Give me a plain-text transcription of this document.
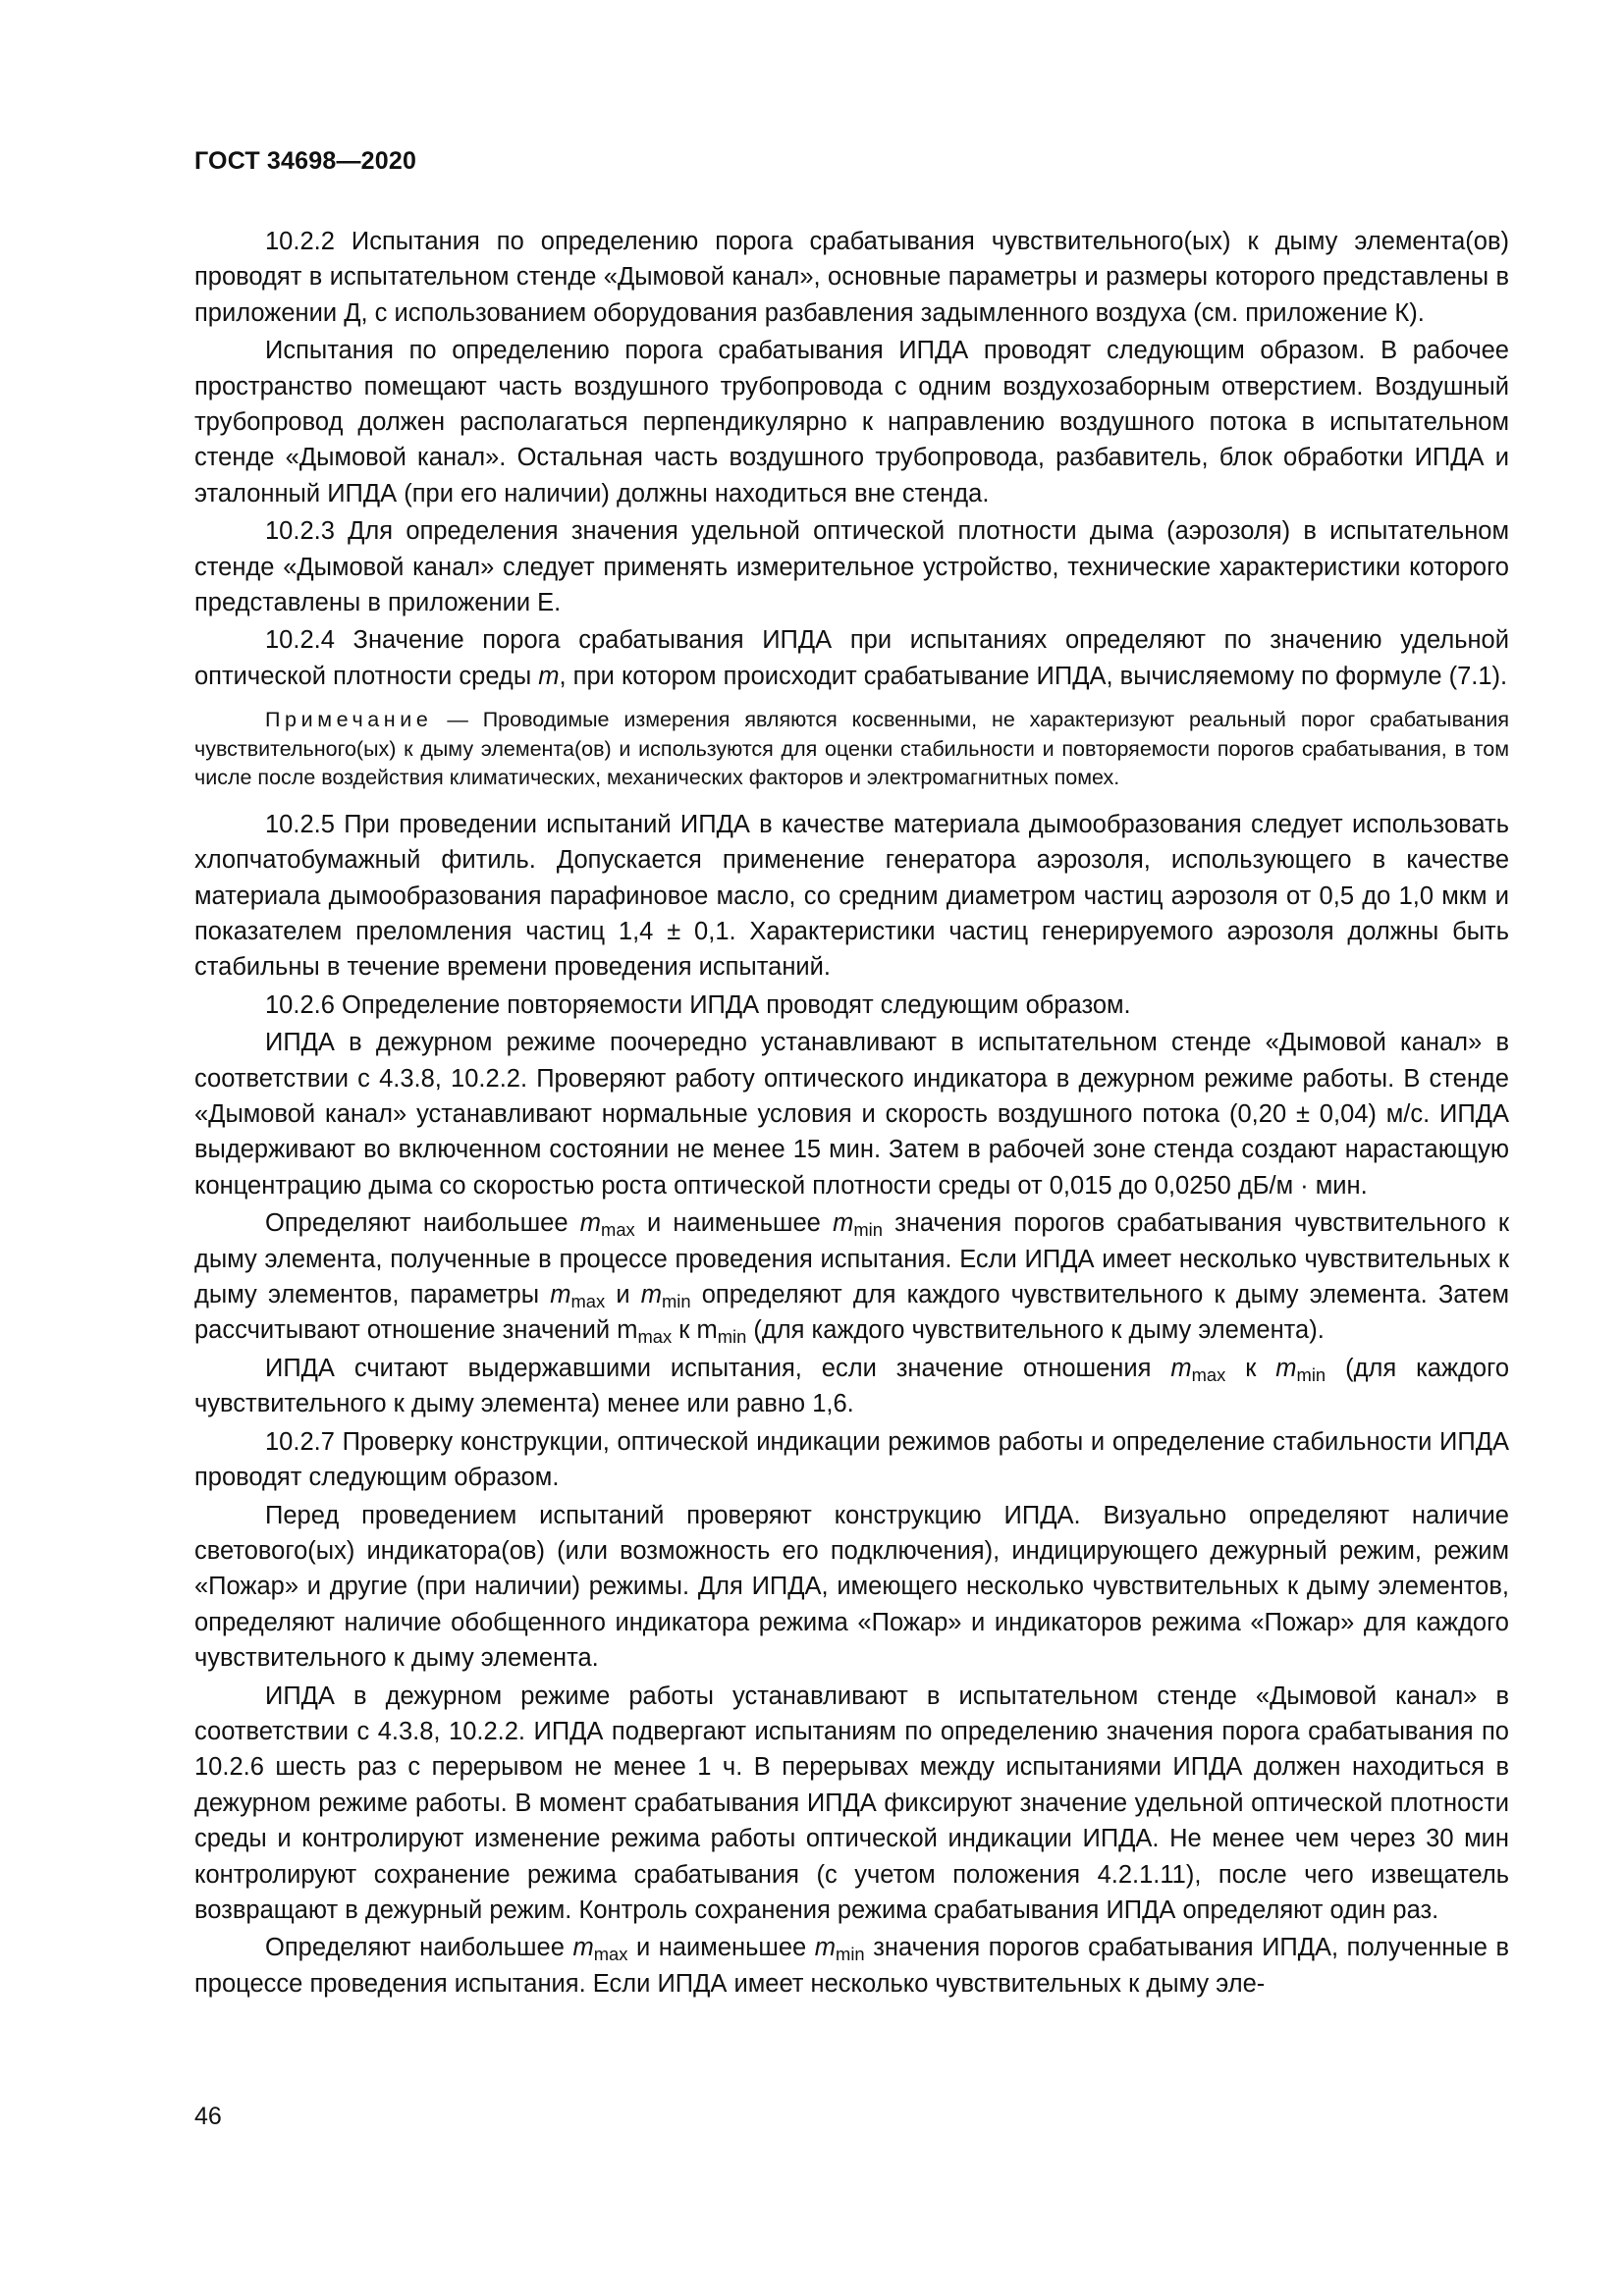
ГОСТ 34698—2020

10.2.2 Испытания по определению порога срабатывания чувствительного(ых) к дыму элемента(ов) проводят в испытательном стенде «Дымовой канал», основные параметры и размеры которого представлены в приложении Д, с использованием оборудования разбавления задымленного воздуха (см. приложение К).

Испытания по определению порога срабатывания ИПДА проводят следующим образом. В рабочее пространство помещают часть воздушного трубопровода с одним воздухозаборным отверстием. Воздушный трубопровод должен располагаться перпендикулярно к направлению воздушного потока в испытательном стенде «Дымовой канал». Остальная часть воздушного трубопровода, разбавитель, блок обработки ИПДА и эталонный ИПДА (при его наличии) должны находиться вне стенда.

10.2.3 Для определения значения удельной оптической плотности дыма (аэрозоля) в испытательном стенде «Дымовой канал» следует применять измерительное устройство, технические характеристики которого представлены в приложении Е.

10.2.4 Значение порога срабатывания ИПДА при испытаниях определяют по значению удельной оптической плотности среды m, при котором происходит срабатывание ИПДА, вычисляемому по формуле (7.1).

Примечание — Проводимые измерения являются косвенными, не характеризуют реальный порог срабатывания чувствительного(ых) к дыму элемента(ов) и используются для оценки стабильности и повторяемости порогов срабатывания, в том числе после воздействия климатических, механических факторов и электромагнитных помех.

10.2.5 При проведении испытаний ИПДА в качестве материала дымообразования следует использовать хлопчатобумажный фитиль. Допускается применение генератора аэрозоля, использующего в качестве материала дымообразования парафиновое масло, со средним диаметром частиц аэрозоля от 0,5 до 1,0 мкм и показателем преломления частиц 1,4 ± 0,1. Характеристики частиц генерируемого аэрозоля должны быть стабильны в течение времени проведения испытаний.

10.2.6 Определение повторяемости ИПДА проводят следующим образом.

ИПДА в дежурном режиме поочередно устанавливают в испытательном стенде «Дымовой канал» в соответствии с 4.3.8, 10.2.2. Проверяют работу оптического индикатора в дежурном режиме работы. В стенде «Дымовой канал» устанавливают нормальные условия и скорость воздушного потока (0,20 ± 0,04) м/с. ИПДА выдерживают во включенном состоянии не менее 15 мин. Затем в рабочей зоне стенда создают нарастающую концентрацию дыма со скоростью роста оптической плотности среды от 0,015 до 0,0250 дБ/м · мин.

Определяют наибольшее $m_{max}$ и наименьшее $m_{min}$ значения порогов срабатывания чувствительного к дыму элемента, полученные в процессе проведения испытания. Если ИПДА имеет несколько чувствительных к дыму элементов, параметры $m_{max}$ и $m_{min}$ определяют для каждого чувствительного к дыму элемента. Затем рассчитывают отношение значений $m_{max}$ к $m_{min}$ (для каждого чувствительного к дыму элемента).

ИПДА считают выдержавшими испытания, если значение отношения $m_{max}$ к $m_{min}$ (для каждого чувствительного к дыму элемента) менее или равно 1,6.

10.2.7 Проверку конструкции, оптической индикации режимов работы и определение стабильности ИПДА проводят следующим образом.

Перед проведением испытаний проверяют конструкцию ИПДА. Визуально определяют наличие светового(ых) индикатора(ов) (или возможность его подключения), индицирующего дежурный режим, режим «Пожар» и другие (при наличии) режимы. Для ИПДА, имеющего несколько чувствительных к дыму элементов, определяют наличие обобщенного индикатора режима «Пожар» и индикаторов режима «Пожар» для каждого чувствительного к дыму элемента.

ИПДА в дежурном режиме работы устанавливают в испытательном стенде «Дымовой канал» в соответствии с 4.3.8, 10.2.2. ИПДА подвергают испытаниям по определению значения порога срабатывания по 10.2.6 шесть раз с перерывом не менее 1 ч. В перерывах между испытаниями ИПДА должен находиться в дежурном режиме работы. В момент срабатывания ИПДА фиксируют значение удельной оптической плотности среды и контролируют изменение режима работы оптической индикации ИПДА. Не менее чем через 30 мин контролируют сохранение режима срабатывания (с учетом положения 4.2.1.11), после чего извещатель возвращают в дежурный режим. Контроль сохранения режима срабатывания ИПДА определяют один раз.

Определяют наибольшее $m_{max}$ и наименьшее $m_{min}$ значения порогов срабатывания ИПДА, полученные в процессе проведения испытания. Если ИПДА имеет несколько чувствительных к дыму эле-

46
